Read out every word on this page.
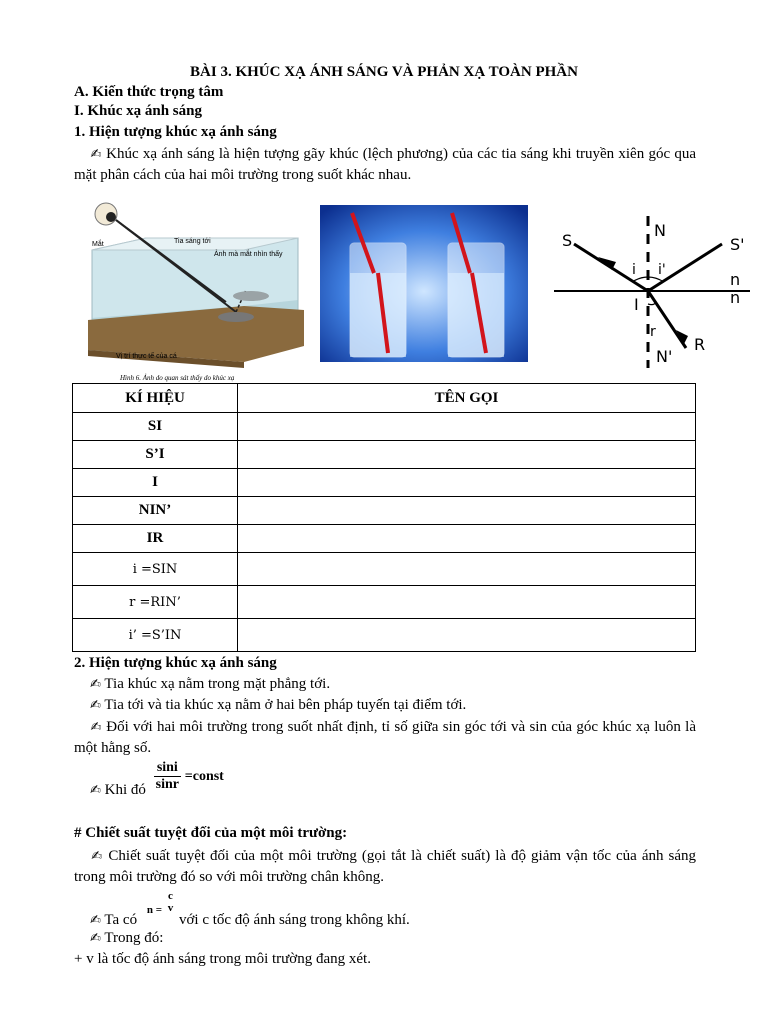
BÀI 3. KHÚC XẠ ÁNH SÁNG VÀ PHẢN XẠ TOÀN PHẦN
A. Kiến thức trọng tâm
I. Khúc xạ ánh sáng
1. Hiện tượng khúc xạ ánh sáng
✍ Khúc xạ ánh sáng là hiện tượng gãy khúc (lệch phương) của các tia sáng khi truyền xiên góc qua mặt phân cách của hai môi trường trong suốt khác nhau.
Mắt	Tia sáng tới
Ảnh mà mắt nhìn thấy
Vị trí thực tế của cá
Hình 6. Ảnh do quan sát thấy do khúc xạ
S
N
S'
i i'	n
n
I
r
R
N'
KÍ HIỆU	TÊN GỌI
SI	
S’I	
I	
NIN’	
IR	
i =SIN	
r =RIN’	
i’ =S’IN	
2. Hiện tượng khúc xạ ánh sáng
✍ Tia khúc xạ nằm trong mặt phẳng tới.
✍ Tia tới và tia khúc xạ nằm ở hai bên pháp tuyến tại điểm tới.
✍ Đối với hai môi trường trong suốt nhất định, tỉ số giữa sin góc tới và sin của góc khúc xạ luôn là một hằng số.
✍ Khi đó $\frac{\sin i}{\sin r}$ =const
# Chiết suất tuyệt đối của một môi trường:
✍ Chiết suất tuyệt đối của một môi trường (gọi tắt là chiết suất) là độ giảm vận tốc của ánh sáng trong môi trường đó so với môi trường chân không.
✍ Ta có $_{n =}$
c
v
với c tốc độ ánh sáng trong không khí.
✍ Trong đó:
+ v là tốc độ ánh sáng trong môi trường đang xét.
